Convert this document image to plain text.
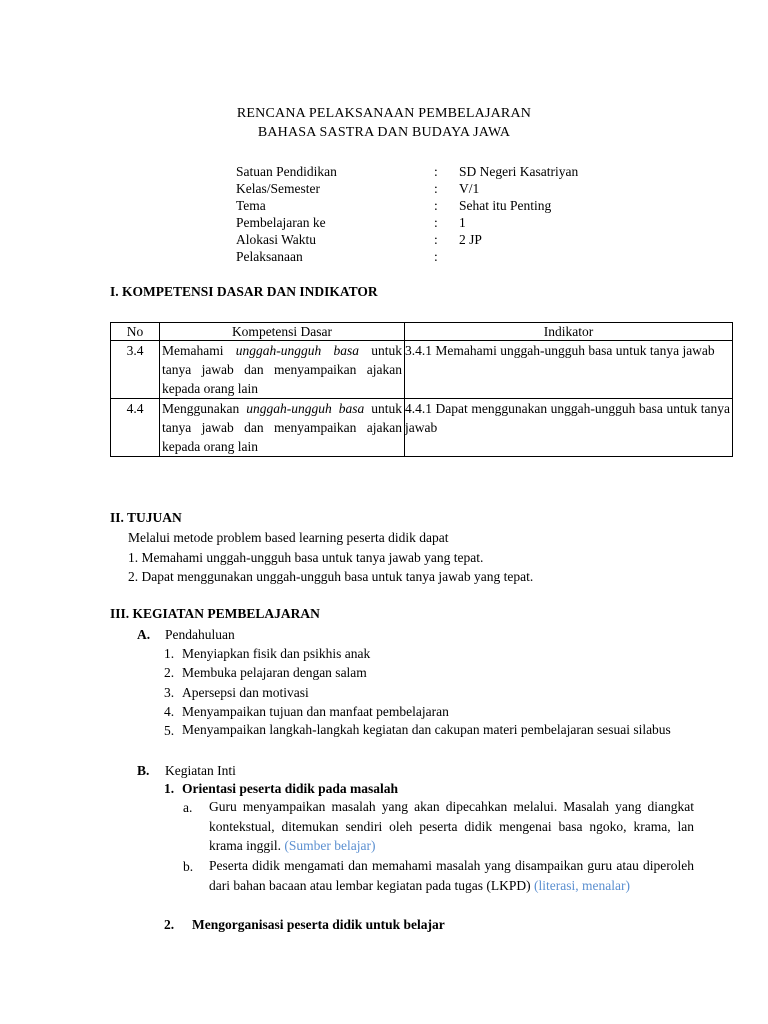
RENCANA PELAKSANAAN PEMBELAJARAN
BAHASA SASTRA DAN BUDAYA JAWA
Satuan Pendidikan	: SD Negeri Kasatriyan
Kelas/Semester	: V/1
Tema	: Sehat itu Penting
Pembelajaran ke	: 1
Alokasi Waktu	: 2 JP
Pelaksanaan	:
I. KOMPETENSI DASAR DAN INDIKATOR
No	Kompetensi Dasar	Indikator
3.4	Memahami unggah-ungguh basa untuk tanya jawab dan menyampaikan ajakan kepada orang lain	3.4.1 Memahami unggah-ungguh basa untuk tanya jawab
4.4	Menggunakan unggah-ungguh basa untuk tanya jawab dan menyampaikan ajakan kepada orang lain	4.4.1 Dapat menggunakan unggah-ungguh basa untuk tanya jawab
II. TUJUAN
Melalui metode problem based learning peserta didik dapat
1. Memahami unggah-ungguh basa untuk tanya jawab yang tepat.
2. Dapat menggunakan unggah-ungguh basa untuk tanya jawab yang tepat.
III. KEGIATAN PEMBELAJARAN
A. Pendahuluan
1. Menyiapkan fisik dan psikhis anak
2. Membuka pelajaran dengan salam
3. Apersepsi dan motivasi
4. Menyampaikan tujuan dan manfaat pembelajaran
5. Menyampaikan langkah-langkah kegiatan dan cakupan materi pembelajaran sesuai silabus
B. Kegiatan Inti
1. Orientasi peserta didik pada masalah
a. Guru menyampaikan masalah yang akan dipecahkan melalui. Masalah yang diangkat kontekstual, ditemukan sendiri oleh peserta didik mengenai basa ngoko, krama, lan krama inggil. (Sumber belajar)
b. Peserta didik mengamati dan memahami masalah yang disampaikan guru atau diperoleh dari bahan bacaan atau lembar kegiatan pada tugas (LKPD) (literasi, menalar)
2. Mengorganisasi peserta didik untuk belajar
